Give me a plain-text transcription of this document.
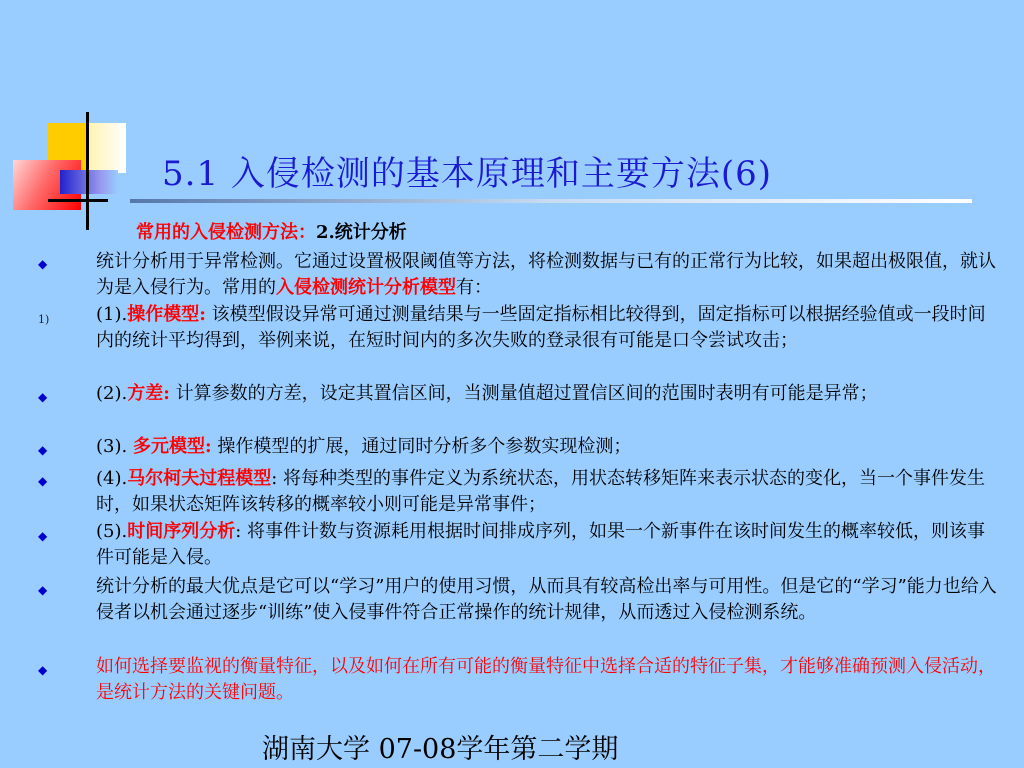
5.1 入侵检测的基本原理和主要方法(6)
常用的入侵检测方法：2.统计分析
◆	统计分析用于异常检测。它通过设置极限阈值等方法，将检测数据与已有的正常行为比较，如果超出极限值，就认为是入侵行为。常用的入侵检测统计分析模型有：
1)	(1).操作模型: 该模型假设异常可通过测量结果与一些固定指标相比较得到，固定指标可以根据经验值或一段时间内的统计平均得到，举例来说，在短时间内的多次失败的登录很有可能是口令尝试攻击；
◆	(2).方差: 计算参数的方差，设定其置信区间，当测量值超过置信区间的范围时表明有可能是异常；
◆	(3). 多元模型: 操作模型的扩展，通过同时分析多个参数实现检测；
◆	(4).马尔柯夫过程模型: 将每种类型的事件定义为系统状态，用状态转移矩阵来表示状态的变化，当一个事件发生时，如果状态矩阵该转移的概率较小则可能是异常事件；
◆	(5).时间序列分析: 将事件计数与资源耗用根据时间排成序列，如果一个新事件在该时间发生的概率较低，则该事件可能是入侵。
◆	统计分析的最大优点是它可以“学习”用户的使用习惯，从而具有较高检出率与可用性。但是它的“学习”能力也给入侵者以机会通过逐步“训练”使入侵事件符合正常操作的统计规律，从而透过入侵检测系统。
◆	如何选择要监视的衡量特征，以及如何在所有可能的衡量特征中选择合适的特征子集，才能够准确预测入侵活动，是统计方法的关键问题。
湖南大学 07-08学年第二学期
